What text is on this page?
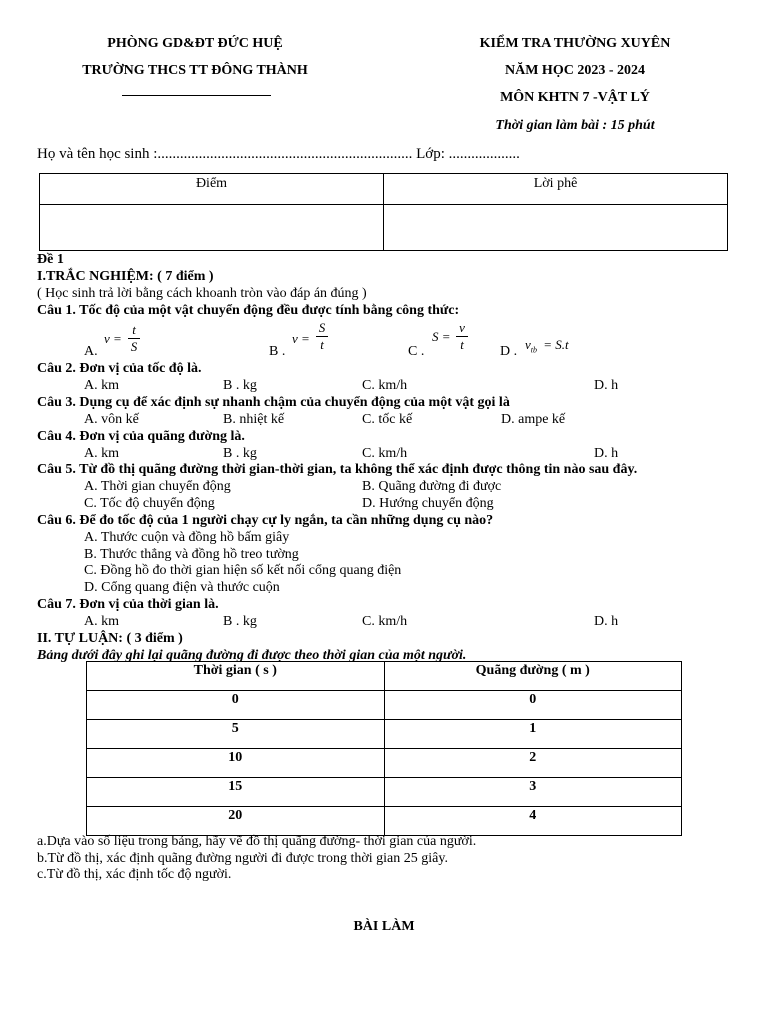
PHÒNG GD&ĐT ĐỨC HUỆ
TRƯỜNG THCS TT ĐÔNG THÀNH
KIỂM TRA THƯỜNG XUYÊN
NĂM HỌC 2023 - 2024
MÔN KHTN 7 -VẬT LÝ
Thời gian làm bài : 15 phút
Họ và tên học sinh :.................................................................... Lớp: ...................
Điểm	Lời phê

Đề 1
I.TRẮC NGHIỆM: ( 7 điểm )
( Học sinh trả lời bằng cách khoanh tròn vào đáp án đúng )
Câu 1. Tốc độ của một vật chuyển động đều được tính bằng công thức:
A.
v =
t
S	B .
v =
S
t	C .
S =
v
t	D . $v_{tb} = S.t$
Câu 2. Đơn vị của tốc độ là.
A. km	B . kg	C. km/h	D. h
Câu 3. Dụng cụ để xác định sự nhanh chậm của chuyển động của một vật gọi là
A. vôn kế	B. nhiệt kế	C. tốc kế	D. ampe kế
Câu 4. Đơn vị của quãng đường là.
A. km	B . kg	C. km/h	D. h
Câu 5. Từ đồ thị quãng đường thời gian-thời gian, ta không thể xác định được thông tin nào sau đây.
A. Thời gian chuyển động	B. Quãng đường đi được
C. Tốc độ chuyển động	D. Hướng chuyển động
Câu 6. Để đo tốc độ của 1 người chạy cự ly ngắn, ta cần những dụng cụ nào?
A. Thước cuộn và đồng hồ bấm giây
B. Thước thẳng và đồng hồ treo tường
C. Đồng hồ đo thời gian hiện số kết nối cổng quang điện
D. Cổng quang điện và thước cuộn
Câu 7. Đơn vị của thời gian là.
A. km	B . kg	C. km/h	D. h
II. TỰ LUẬN: ( 3 điểm )
Bảng dưới đây ghi lại quãng đường đi được theo thời gian của một người.
Thời gian ( s )	Quãng đường ( m )
0	0
5	1
10	2
15	3
20	4
a.Dựa vào số liệu trong bảng, hãy vẽ đồ thị quãng đường- thời gian của người.
b.Từ đồ thị, xác định quãng đường người đi được trong thời gian 25 giây.
c.Từ đồ thị, xác định tốc độ người.
BÀI LÀM
